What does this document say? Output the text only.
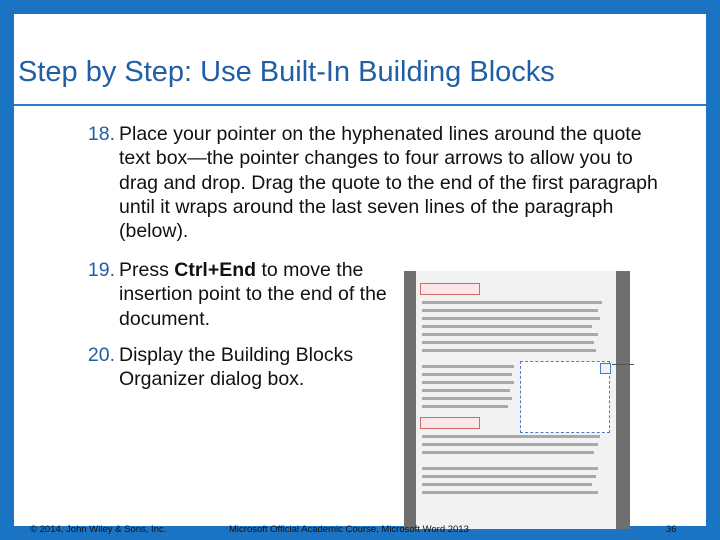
Step by Step: Use Built-In Building Blocks
18. Place your pointer on the hyphenated lines around the quote text box—the pointer changes to four arrows to allow you to drag and drop. Drag the quote to the end of the first paragraph until it wraps around the last seven lines of the paragraph (below).
19. Press Ctrl+End to move the insertion point to the end of the document.
20. Display the Building Blocks Organizer dialog box.
© 2014, John Wiley & Sons, Inc.	Microsoft Official Academic Course, Microsoft Word 2013	36
